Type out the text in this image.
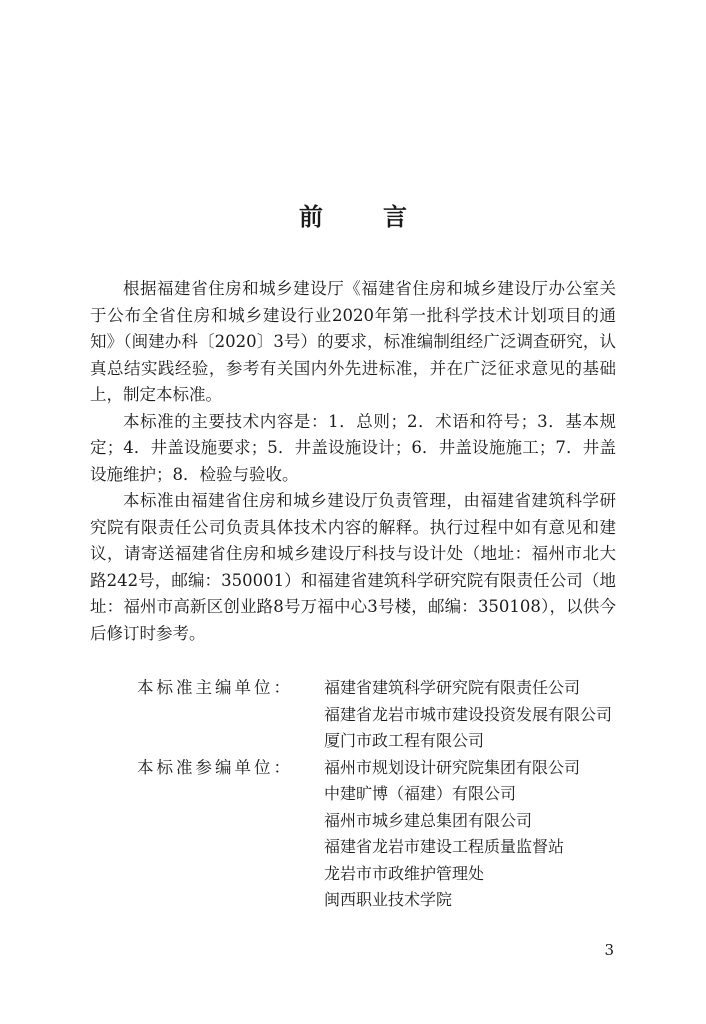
前言

根据福建省住房和城乡建设厅《福建省住房和城乡建设厅办公室关于公布全省住房和城乡建设行业2020年第一批科学技术计划项目的通知》（闽建办科〔2020〕3号）的要求，标准编制组经广泛调查研究，认真总结实践经验，参考有关国内外先进标准，并在广泛征求意见的基础上，制定本标准。

本标准的主要技术内容是：1．总则；2．术语和符号；3．基本规定；4．井盖设施要求；5．井盖设施设计；6．井盖设施施工；7．井盖设施维护；8．检验与验收。

本标准由福建省住房和城乡建设厅负责管理，由福建省建筑科学研究院有限责任公司负责具体技术内容的解释。执行过程中如有意见和建议，请寄送福建省住房和城乡建设厅科技与设计处（地址：福州市北大路242号，邮编：350001）和福建省建筑科学研究院有限责任公司（地址：福州市高新区创业路8号万福中心3号楼，邮编：350108），以供今后修订时参考。

本标准主编单位：	福建省建筑科学研究院有限责任公司
福建省龙岩市城市建设投资发展有限公司
厦门市政工程有限公司
本标准参编单位：	福州市规划设计研究院集团有限公司
中建旷博（福建）有限公司
福州市城乡建总集团有限公司
福建省龙岩市建设工程质量监督站
龙岩市市政维护管理处
闽西职业技术学院
3
